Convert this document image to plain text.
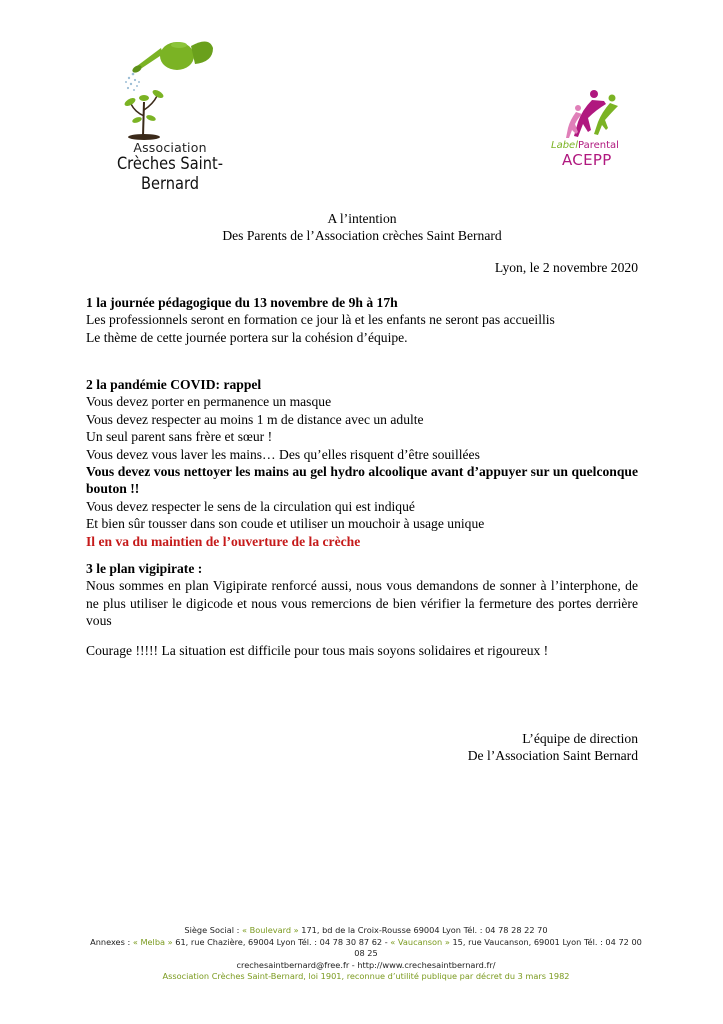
Association
Crèches Saint-Bernard
LabelParental
ACEPP
A l’intention
Des Parents de l’Association crèches Saint Bernard
Lyon, le 2 novembre 2020
1 la journée pédagogique du 13 novembre de 9h à 17h
Les professionnels seront en formation ce jour là et les enfants ne seront pas accueillis
Le thème de cette journée portera sur la cohésion d’équipe.
2 la pandémie COVID: rappel
Vous devez porter en permanence un masque
Vous devez respecter au moins 1 m de distance avec un adulte
Un seul parent sans frère et sœur !
Vous devez vous laver les mains… Des qu’elles risquent d’être souillées
Vous devez vous nettoyer les mains au gel hydro alcoolique avant d’appuyer sur un quelconque bouton !!
Vous devez respecter le sens de la circulation qui est indiqué
Et bien sûr tousser dans son coude et utiliser un mouchoir à usage unique
Il en va du maintien de l’ouverture de la crèche
3 le plan vigipirate :
Nous sommes en plan Vigipirate renforcé aussi, nous vous demandons de sonner à l’interphone, de ne plus utiliser le digicode et nous vous remercions de bien vérifier la fermeture des portes derrière vous
Courage !!!!! La situation est difficile pour tous mais soyons solidaires et rigoureux !
L’équipe de direction
De l’Association Saint Bernard
Siège Social : « Boulevard » 171, bd de la Croix-Rousse 69004 Lyon Tél. : 04 78 28 22 70
Annexes : « Melba » 61, rue Chazière, 69004 Lyon Tél. : 04 78 30 87 62 - « Vaucanson » 15, rue Vaucanson, 69001 Lyon Tél. : 04 72 00 08 25
crechesaintbernard@free.fr - http://www.crechesaintbernard.fr/
Association Crèches Saint-Bernard, loi 1901, reconnue d’utilité publique par décret du 3 mars 1982
